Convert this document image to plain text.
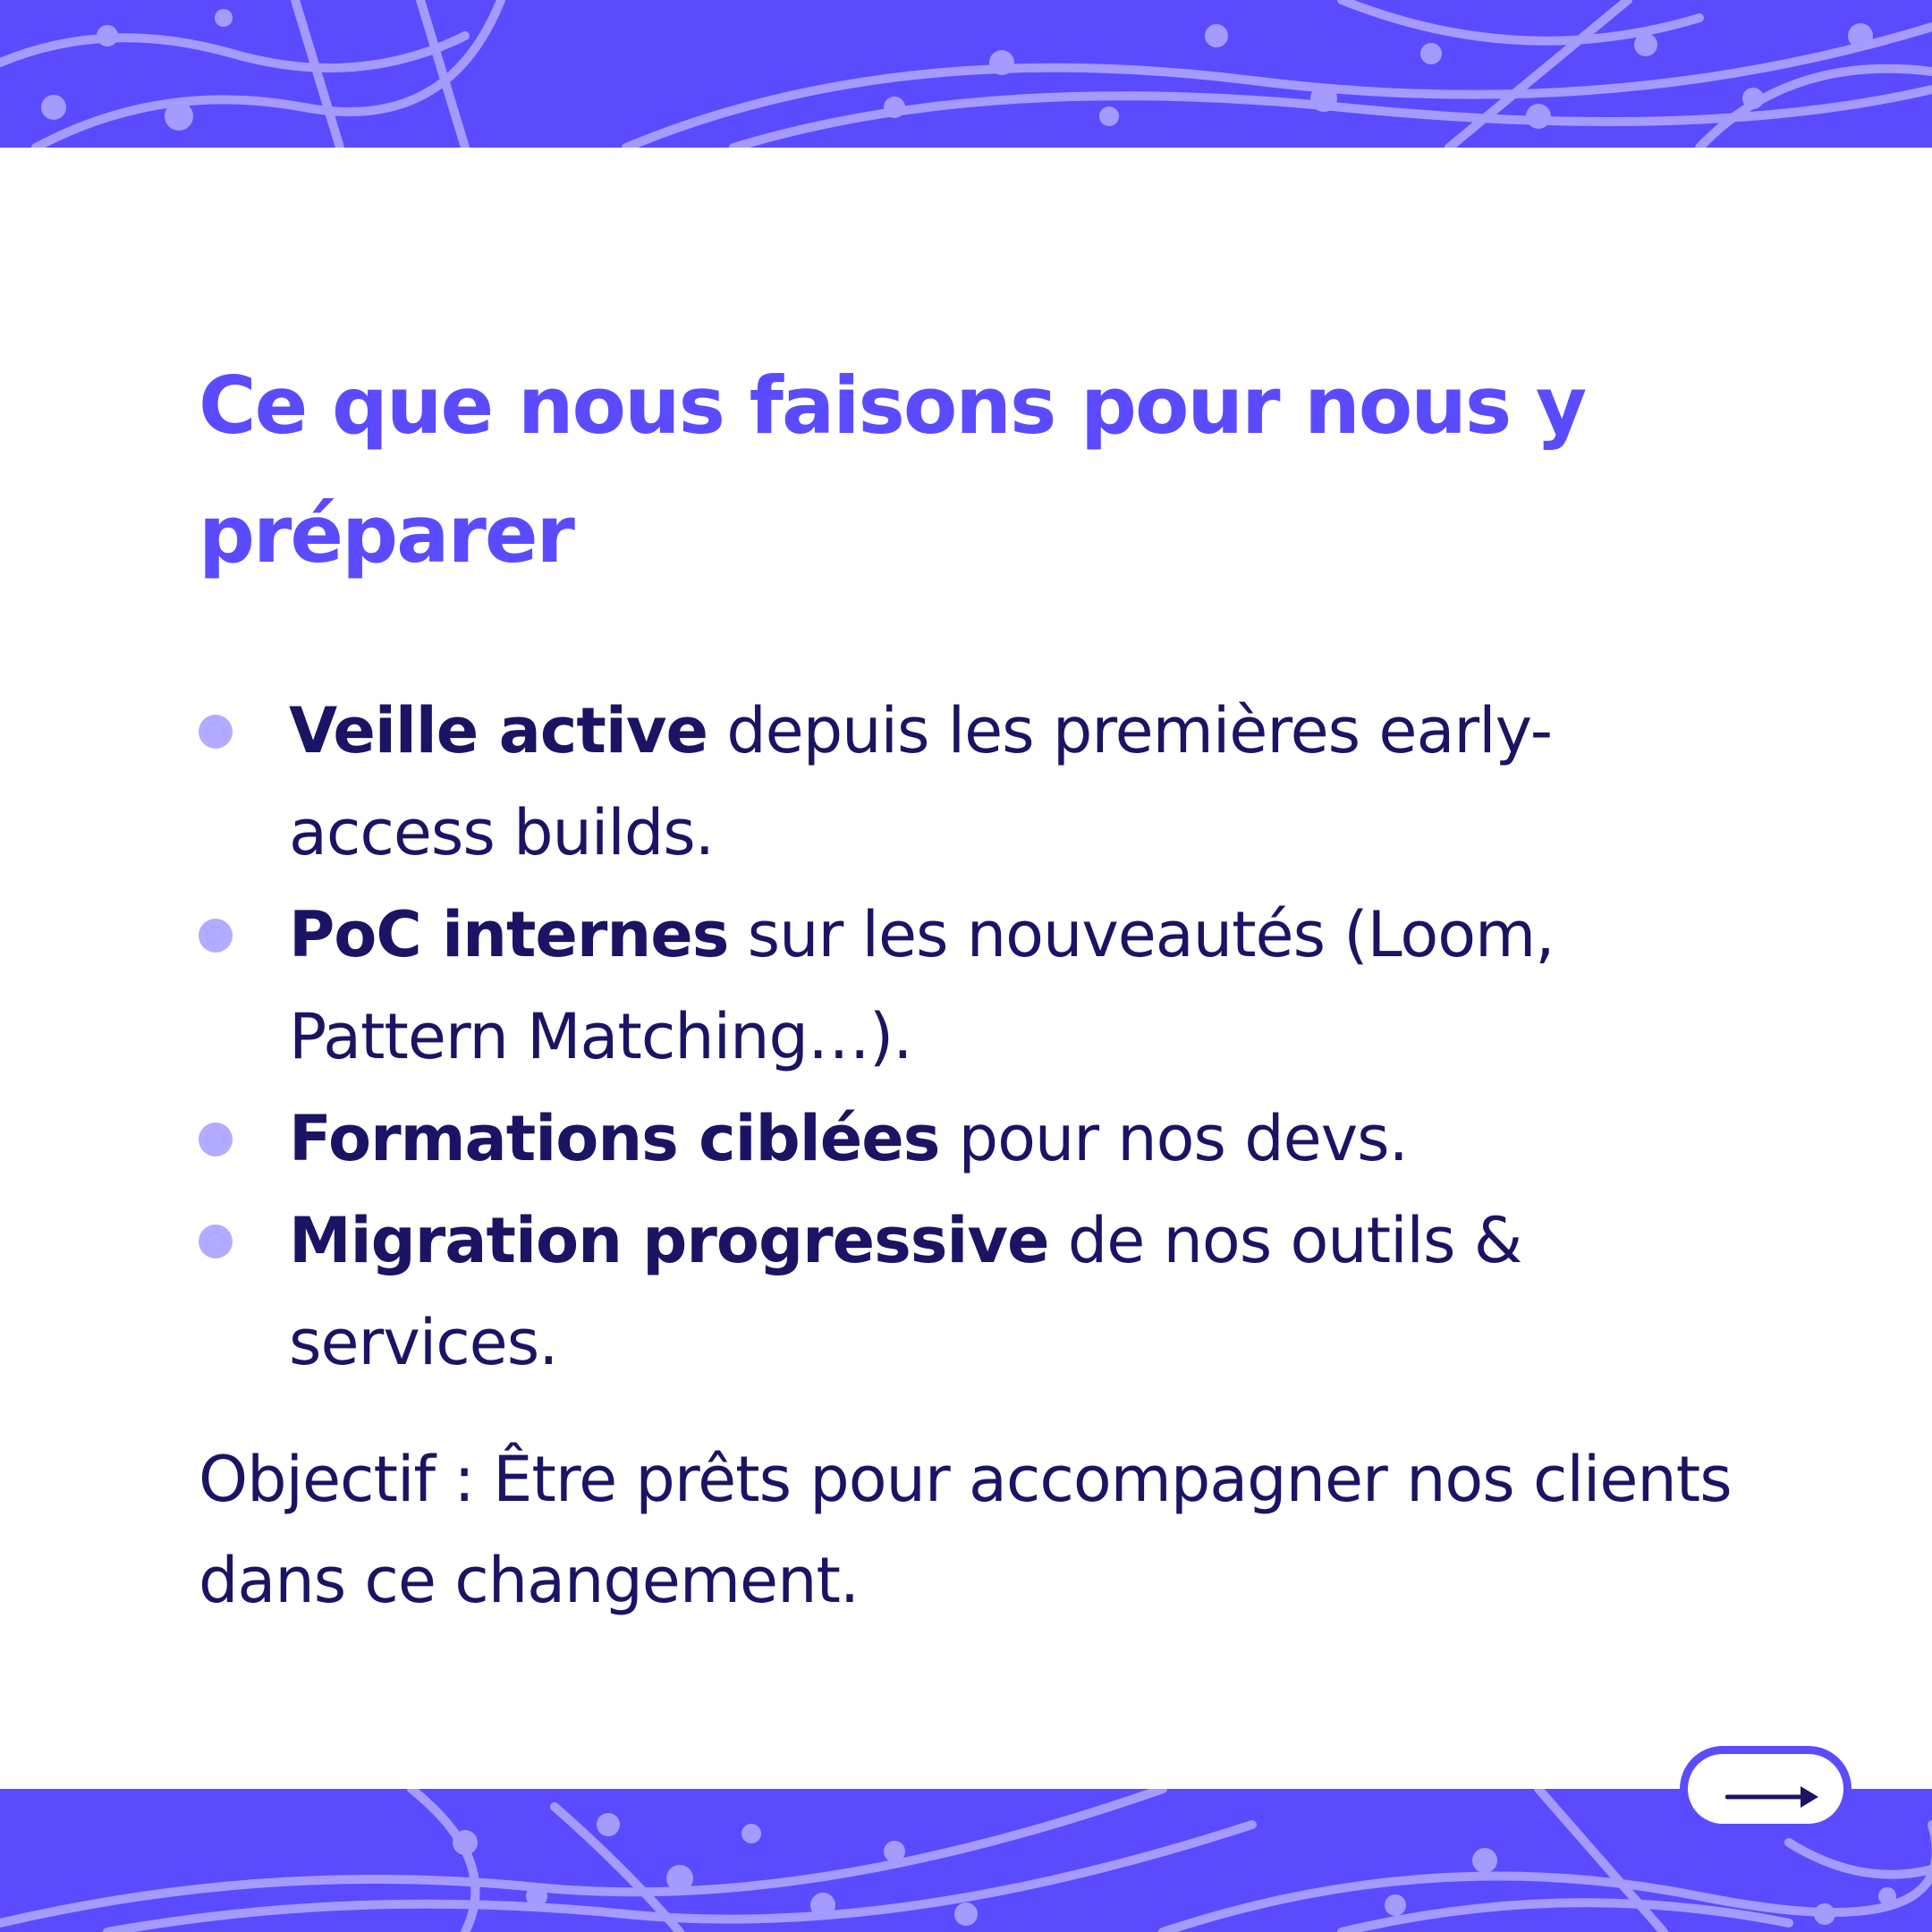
Ce que nous faisons pour nous y préparer
Veille active depuis les premières early-access builds.
PoC internes sur les nouveautés (Loom, Pattern Matching…).
Formations ciblées pour nos devs.
Migration progressive de nos outils & services.

Objectif : Être prêts pour accompagner nos clients dans ce changement.
